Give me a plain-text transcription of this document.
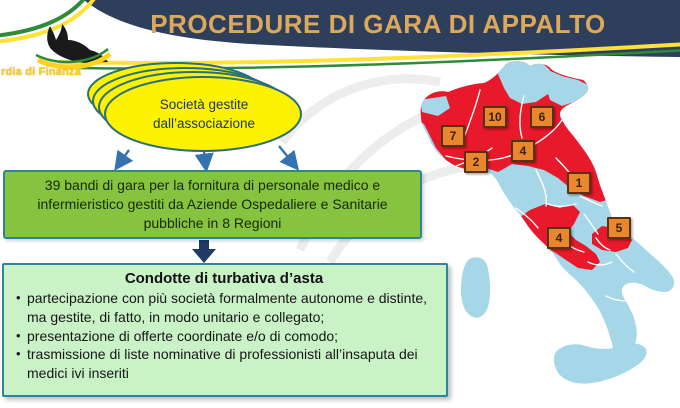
PROCEDURE DI GARA DI APPALTO
rdia di Finanza
Società gestite dall’associazione

39 bandi di gara per la fornitura di personale medico e infermieristico gestiti da Aziende Ospedaliere e Sanitarie pubbliche in 8 Regioni

Condotte di turbativa d’asta
• partecipazione con più società formalmente autonome e distinte, ma gestite, di fatto, in modo unitario e collegato;
• presentazione di offerte coordinate e/o di comodo;
• trasmissione di liste nominative di professionisti all’insaputa dei medici ivi inseriti
7
10	6
2
4
1
4
5
